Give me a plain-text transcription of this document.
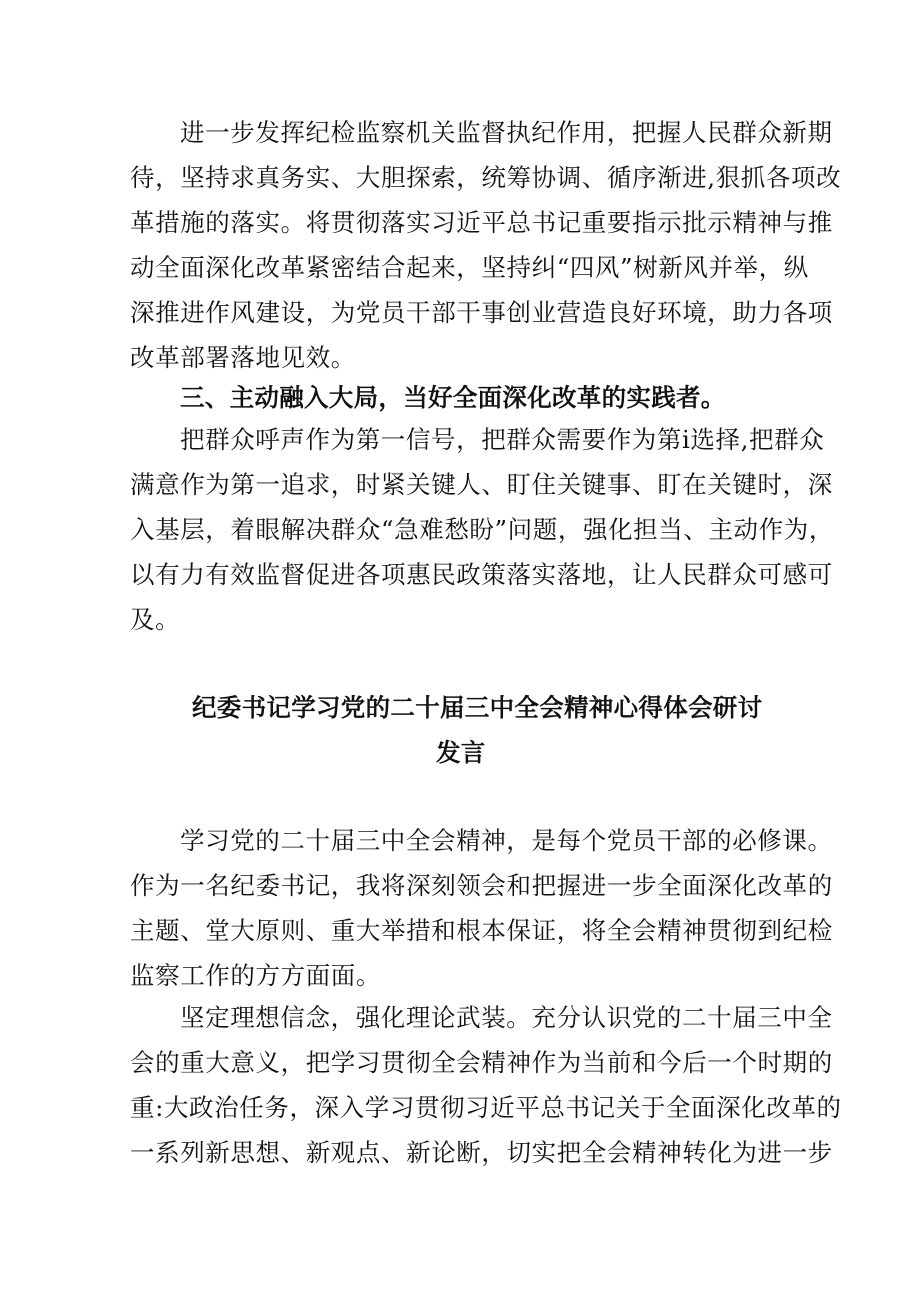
进一步发挥纪检监察机关监督执纪作用，把握人民群众新期
待，坚持求真务实、大胆探索，统筹协调、循序渐进,狠抓各项改
革措施的落实。将贯彻落实习近平总书记重要指示批示精神与推
动全面深化改革紧密结合起来，坚持纠“四风”树新风并举，纵
深推进作风建设，为党员干部干事创业营造良好环境，助力各项
改革部署落地见效。
三、主动融入大局，当好全面深化改革的实践者。
把群众呼声作为第一信号，把群众需要作为第i选择,把群众
满意作为第一追求，时紧关键人、盯住关键事、盯在关键时，深
入基层，着眼解决群众“急难愁盼”问题，强化担当、主动作为，
以有力有效监督促进各项惠民政策落实落地，让人民群众可感可
及。
纪委书记学习党的二十届三中全会精神心得体会研讨
发言
学习党的二十届三中全会精神，是每个党员干部的必修课。
作为一名纪委书记，我将深刻领会和把握进一步全面深化改革的
主题、堂大原则、重大举措和根本保证，将全会精神贯彻到纪检
监察工作的方方面面。
坚定理想信念，强化理论武装。充分认识党的二十届三中全
会的重大意义，把学习贯彻全会精神作为当前和今后一个时期的
重:大政治任务，深入学习贯彻习近平总书记关于全面深化改革的
一系列新思想、新观点、新论断，切实把全会精神转化为进一步
